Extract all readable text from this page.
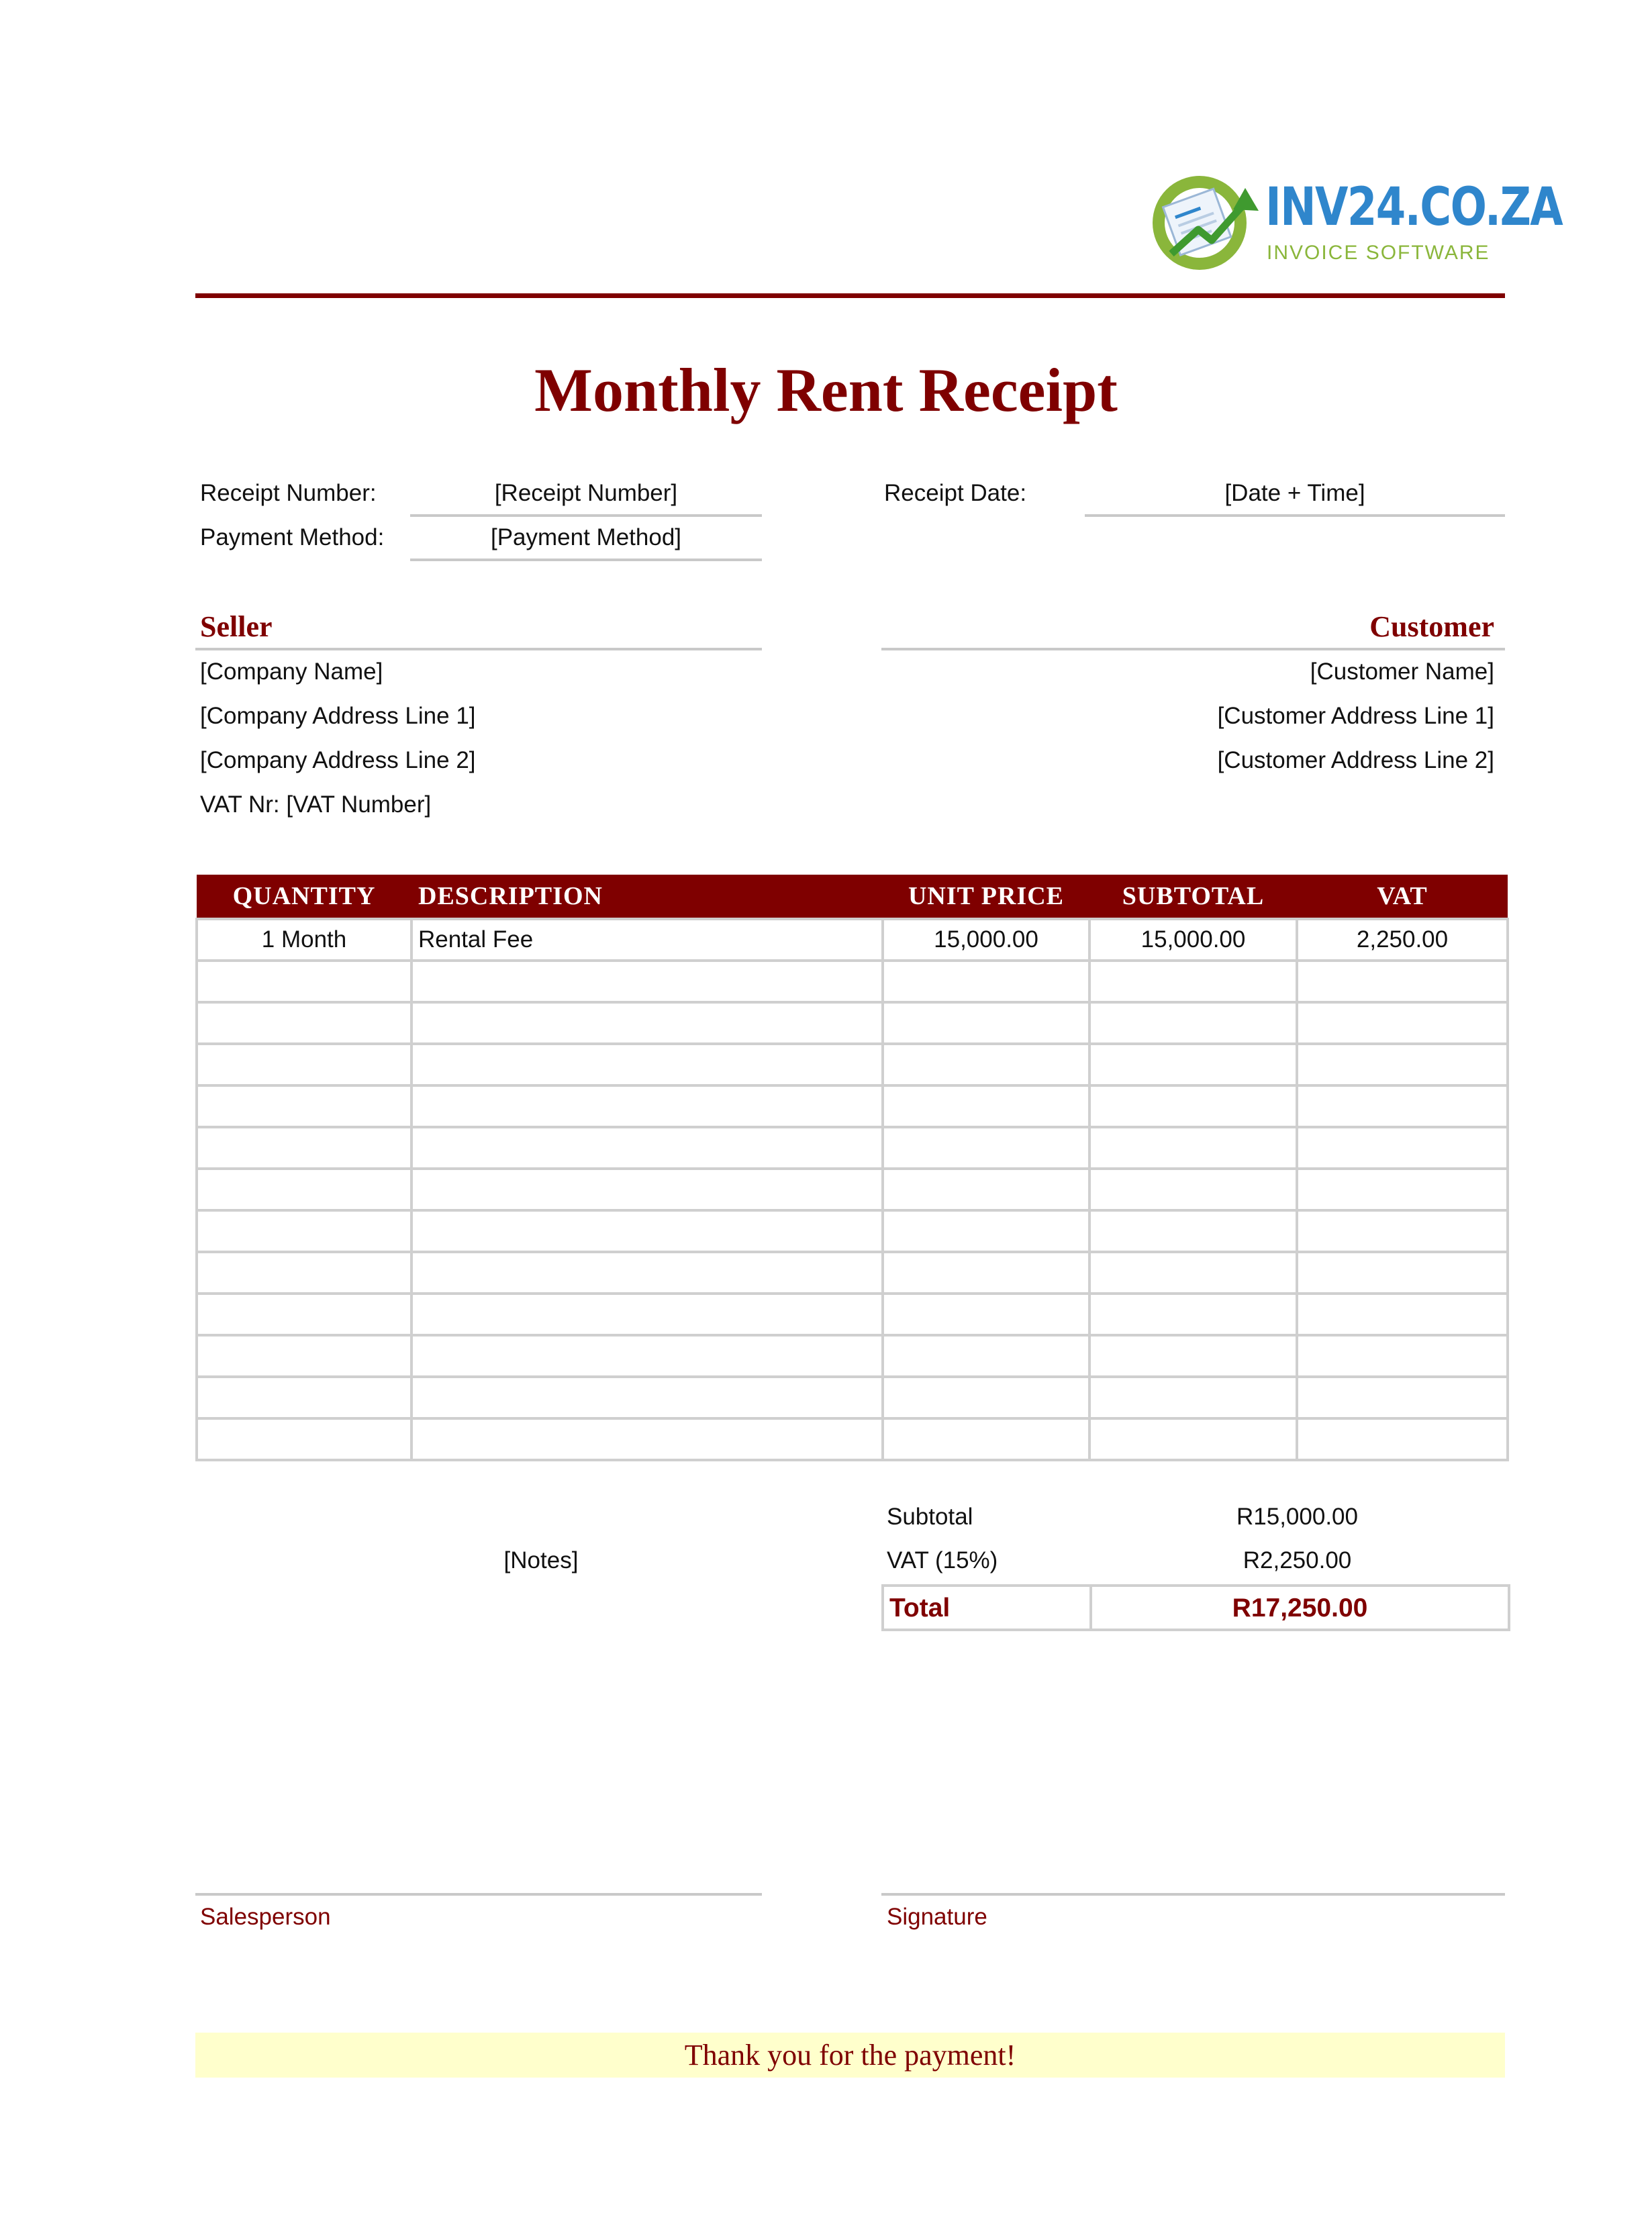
INV24.CO.ZA
INVOICE SOFTWARE
Monthly Rent Receipt
Receipt Number:	[Receipt Number]	Receipt Date:	[Date + Time]
Payment Method:	[Payment Method]
Seller	Customer
[Company Name]
[Company Address Line 1]
[Company Address Line 2]
VAT Nr: [VAT Number]
[Customer Name]
[Customer Address Line 1]
[Customer Address Line 2]
QUANTITY	DESCRIPTION	UNIT PRICE	SUBTOTAL	VAT
1 Month	Rental Fee	15,000.00	15,000.00	2,250.00

[Notes]
Subtotal	R15,000.00
VAT (15%)	R2,250.00
Total	R17,250.00
Salesperson	Signature
Thank you for the payment!
